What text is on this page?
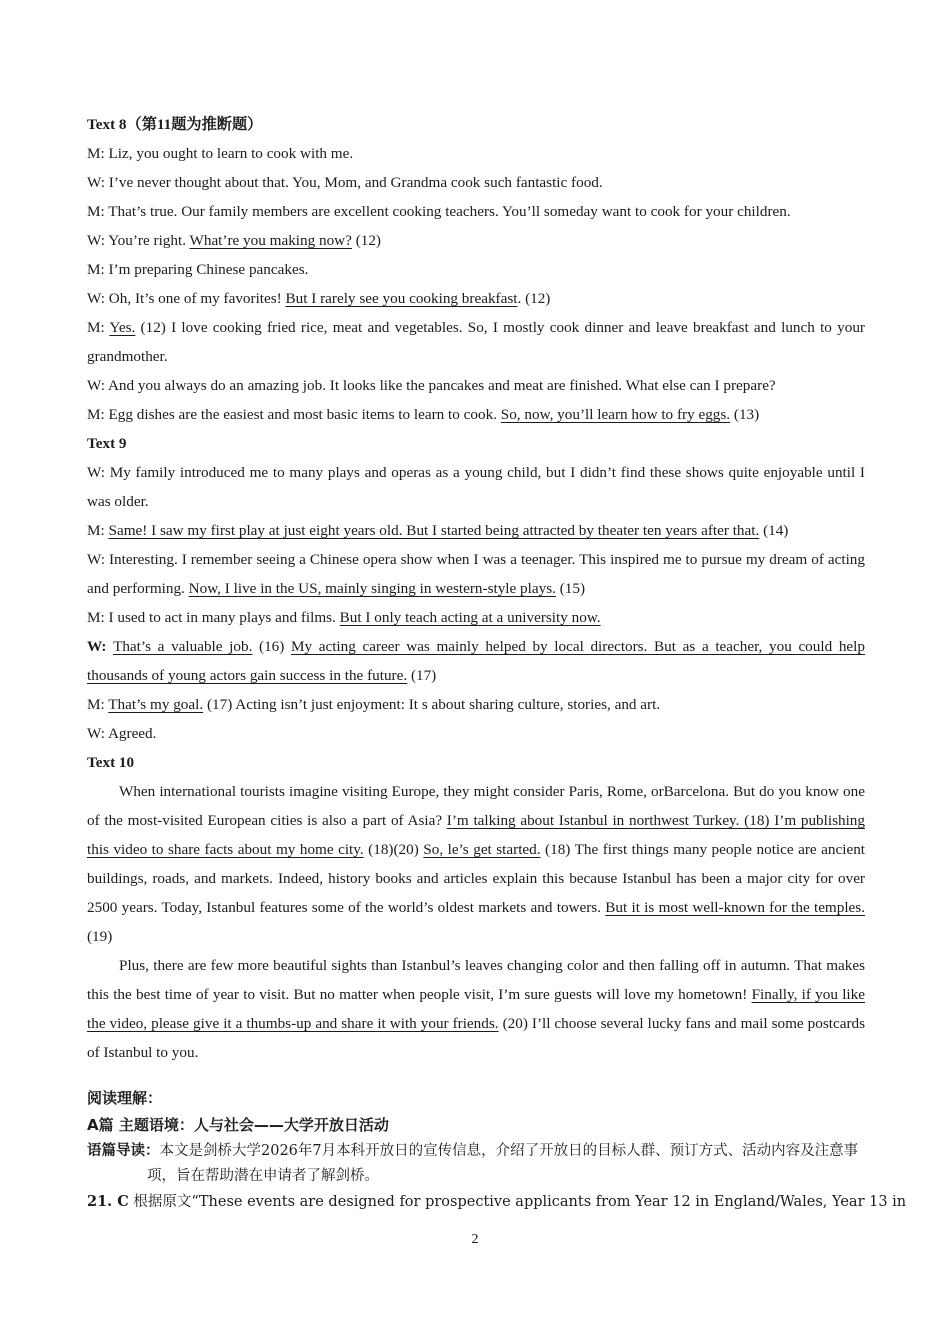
Text 8（第11题为推断题）
M: Liz, you ought to learn to cook with me.
W: I’ve never thought about that. You, Mom, and Grandma cook such fantastic food.
M: That’s true. Our family members are excellent cooking teachers. You’ll someday want to cook for your children.
W: You’re right. What’re you making now? (12)
M: I’m preparing Chinese pancakes.
W: Oh, It’s one of my favorites! But I rarely see you cooking breakfast. (12)
M: Yes. (12) I love cooking fried rice, meat and vegetables. So, I mostly cook dinner and leave breakfast and lunch to your grandmother.
W: And you always do an amazing job. It looks like the pancakes and meat are finished. What else can I prepare?
M: Egg dishes are the easiest and most basic items to learn to cook. So, now, you’ll learn how to fry eggs. (13)
Text 9
W: My family introduced me to many plays and operas as a young child, but I didn’t find these shows quite enjoyable until I was older.
M: Same! I saw my first play at just eight years old. But I started being attracted by theater ten years after that. (14)
W: Interesting. I remember seeing a Chinese opera show when I was a teenager. This inspired me to pursue my dream of acting and performing. Now, I live in the US, mainly singing in western-style plays. (15)
M: I used to act in many plays and films. But I only teach acting at a university now.
W: That’s a valuable job. (16) My acting career was mainly helped by local directors. But as a teacher, you could help thousands of young actors gain success in the future. (17)
M: That’s my goal. (17) Acting isn’t just enjoyment: It s about sharing culture, stories, and art.
W: Agreed.
Text 10
When international tourists imagine visiting Europe, they might consider Paris, Rome, orBarcelona. But do you know one of the most-visited European cities is also a part of Asia? I’m talking about Istanbul in northwest Turkey. (18) I’m publishing this video to share facts about my home city. (18)(20) So, le’s get started. (18) The first things many people notice are ancient buildings, roads, and markets. Indeed, history books and articles explain this because Istanbul has been a major city for over 2500 years. Today, Istanbul features some of the world’s oldest markets and towers. But it is most well-known for the temples. (19)
Plus, there are few more beautiful sights than Istanbul’s leaves changing color and then falling off in autumn. That makes this the best time of year to visit. But no matter when people visit, I’m sure guests will love my hometown! Finally, if you like the video, please give it a thumbs-up and share it with your friends. (20) I’ll choose several lucky fans and mail some postcards of Istanbul to you.
阅读理解：
A篇 主题语境：人与社会——大学开放日活动
语篇导读：本文是剑桥大学2026年7月本科开放日的宣传信息，介绍了开放日的目标人群、预订方式、活动内容及注意事项，旨在帮助潜在申请者了解剑桥。
21. C 根据原文“These events are designed for prospective applicants from Year 12 in England/Wales, Year 13 in
2
